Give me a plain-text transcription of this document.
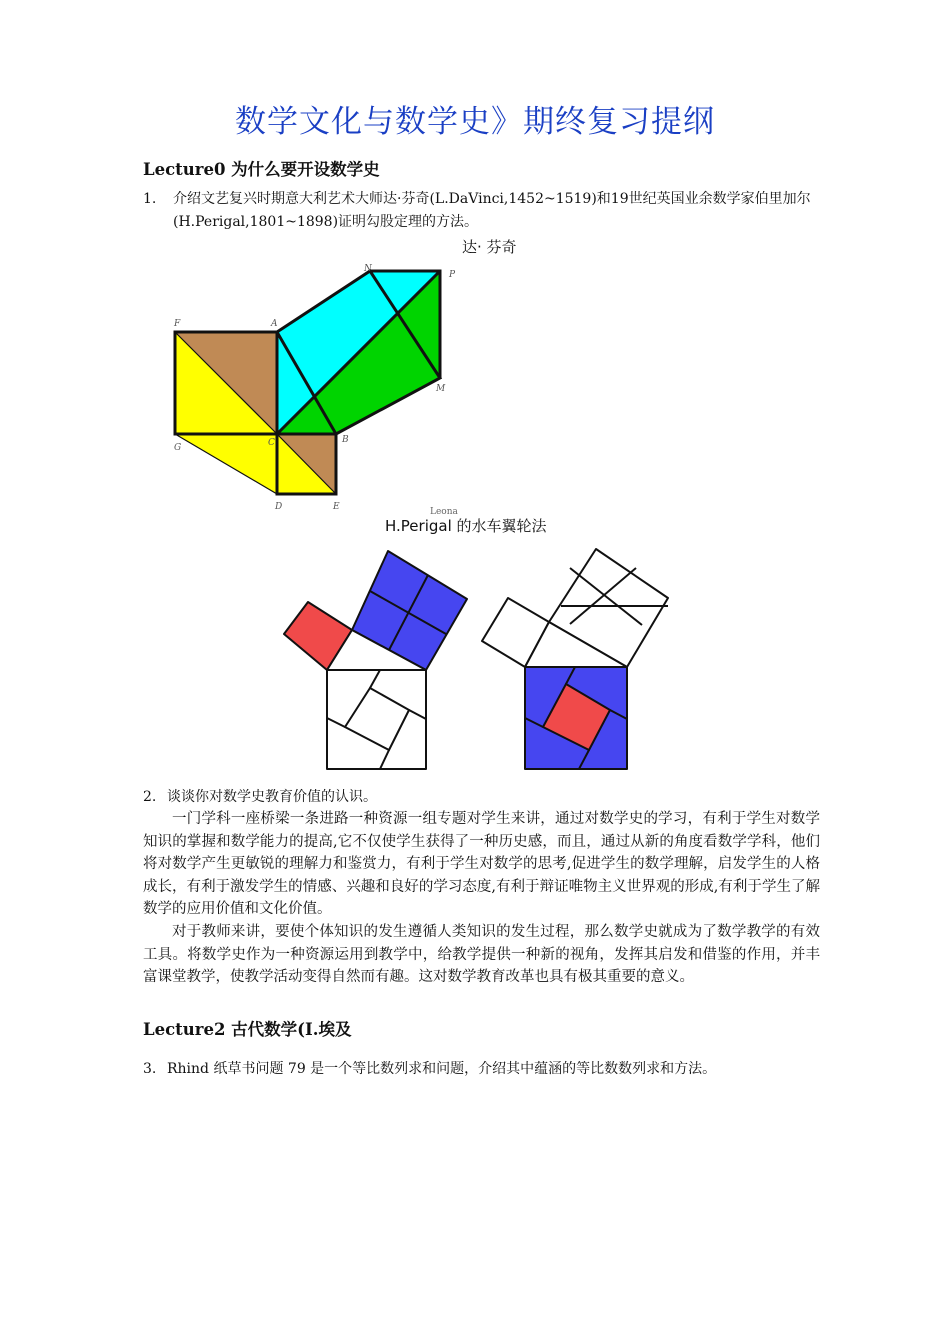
数学文化与数学史》期终复习提纲
Lecture0 为什么要开设数学史
1. 介绍文艺复兴时期意大利艺术大师达·芬奇(L.DaVinci,1452~1519)和19世纪英国业余数学家伯里加尔(H.Perigal,1801~1898)证明勾股定理的方法。
达· 芬奇
N
P
F	A
M
G	C	B
D	E	Leona
H.Perigal 的水车翼轮法
2. 谈谈你对数学史教育价值的认识。
一门学科一座桥梁一条进路一种资源一组专题对学生来讲，通过对数学史的学习，有利于学生对数学知识的掌握和数学能力的提高,它不仅使学生获得了一种历史感，而且，通过从新的角度看数学学科，他们将对数学产生更敏锐的理解力和鉴赏力，有利于学生对数学的思考,促进学生的数学理解，启发学生的人格成长，有利于激发学生的情感、兴趣和良好的学习态度,有利于辩证唯物主义世界观的形成,有利于学生了解数学的应用价值和文化价值。
对于教师来讲，要使个体知识的发生遵循人类知识的发生过程，那么数学史就成为了数学教学的有效工具。将数学史作为一种资源运用到教学中，给教学提供一种新的视角，发挥其启发和借鉴的作用，并丰富课堂教学，使教学活动变得自然而有趣。这对数学教育改革也具有极其重要的意义。
Lecture2 古代数学(I.埃及
3. Rhind 纸草书问题 79 是一个等比数列求和问题，介绍其中蕴涵的等比数数列求和方法。
